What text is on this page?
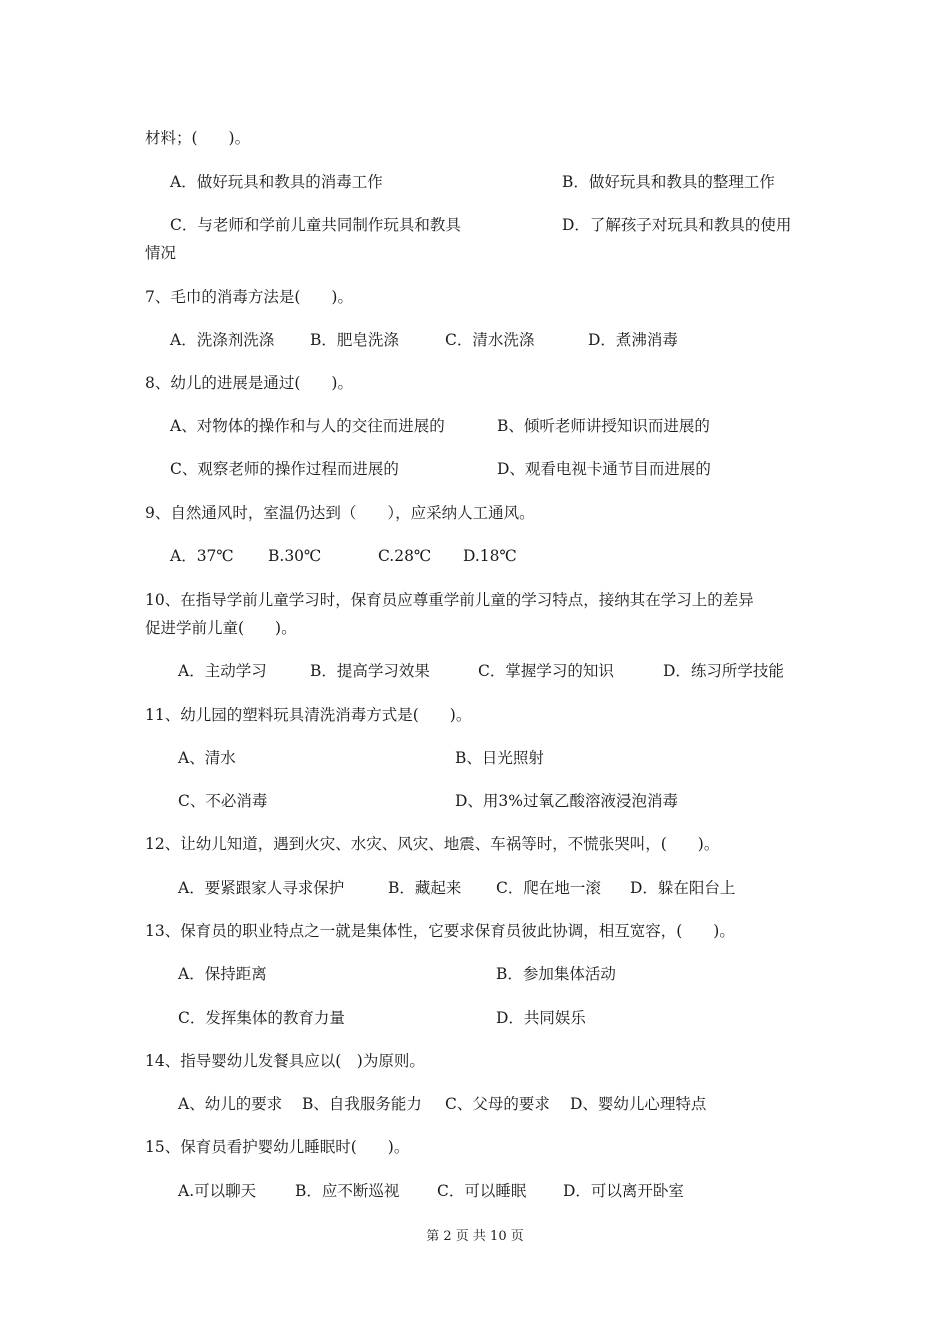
材料；(　　)。
A．做好玩具和教具的消毒工作	B．做好玩具和教具的整理工作
C．与老师和学前儿童共同制作玩具和教具	D．了解孩子对玩具和教具的使用
情况
7、毛巾的消毒方法是(　　)。
A．洗涤剂洗涤 B．肥皂洗涤	C．清水洗涤	D．煮沸消毒
8、幼儿的进展是通过(　　)。
A、对物体的操作和与人的交往而进展的	B、倾听老师讲授知识而进展的
C、观察老师的操作过程而进展的	D、观看电视卡通节目而进展的
9、自然通风时，室温仍达到（　　），应采纳人工通风。
A．37℃ B.30℃	C.28℃ D.18℃
10、在指导学前儿童学习时，保育员应尊重学前儿童的学习特点，接纳其在学习上的差异
促进学前儿童(　　)。
A．主动学习	B．提高学习效果	C．掌握学习的知识	D．练习所学技能
11、幼儿园的塑料玩具清洗消毒方式是(　　)。
A、清水	B、日光照射
C、不必消毒	D、用3%过氧乙酸溶液浸泡消毒
12、让幼儿知道，遇到火灾、水灾、风灾、地震、车祸等时，不慌张哭叫，(　　)。
A．要紧跟家人寻求保护	B．藏起来 C．爬在地一滚 D．躲在阳台上
13、保育员的职业特点之一就是集体性，它要求保育员彼此协调，相互宽容，(　　)。
A．保持距离	B．参加集体活动
C．发挥集体的教育力量	D．共同娱乐
14、指导婴幼儿发餐具应以(　)为原则。
A、幼儿的要求 B、自我服务能力 C、父母的要求 D、婴幼儿心理特点
15、保育员看护婴幼儿睡眠时(　　)。
A.可以聊天	B．应不断巡视 C．可以睡眠 D．可以离开卧室
第 2 页 共 10 页
